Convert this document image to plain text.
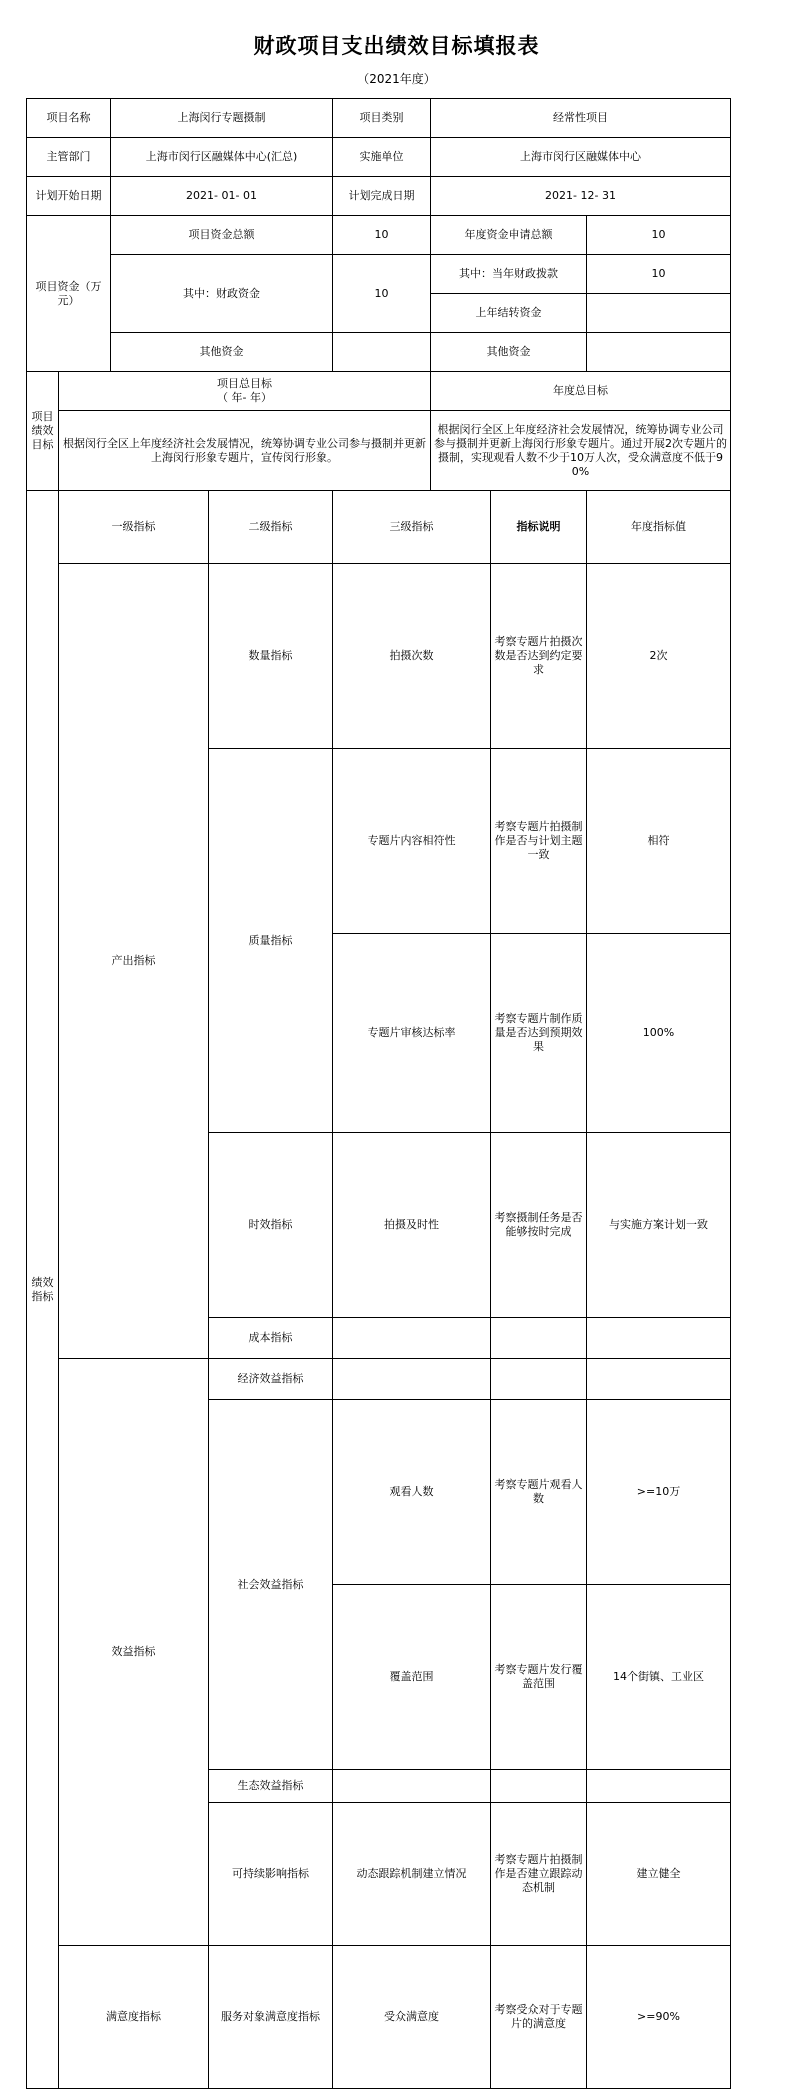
财政项目支出绩效目标填报表
（2021年度）
项目名称		上海闵行专题摄制		项目类别	经常性项目			
主管部门		上海市闵行区融媒体中心(汇总)		实施单位	上海市闵行区融媒体中心			
计划开始日期		2021- 01- 01		计划完成日期	2021- 12- 31			
项目资金（万元）		项目资金总额		10	年度资金申请总额		10	
		其中：财政资金		10	其中：当年财政拨款		10	
					上年结转资金			
		其他资金			其他资金			
项目绩效目标	项目总目标
（ 年- 年）				年度总目标			
	根据闵行全区上年度经济社会发展情况，统筹协调专业公司参与摄制并更新上海闵行形象专题片，宣传闵行形象。				根据闵行全区上年度经济社会发展情况，统筹协调专业公司参与摄制并更新上海闵行形象专题片。通过开展2次专题片的摄制，实现观看人数不少于10万人次，受众满意度不低于90%			
绩效指标	一级指标		二级指标	三级指标		指标说明	年度指标值	
	产出指标		数量指标	拍摄次数		考察专题片拍摄次数是否达到约定要求	2次	
			质量指标	专题片内容相符性		考察专题片拍摄制作是否与计划主题一致	相符	
				专题片审核达标率		考察专题片制作质量是否达到预期效果	100%	
			时效指标	拍摄及时性		考察摄制任务是否能够按时完成	与实施方案计划一致	
			成本指标					
	效益指标		经济效益指标					
			社会效益指标	观看人数		考察专题片观看人数	>=10万	
				覆盖范围		考察专题片发行覆盖范围	14个街镇、工业区	
			生态效益指标					
			可持续影响指标	动态跟踪机制建立情况		考察专题片拍摄制作是否建立跟踪动态机制	建立健全	
	满意度指标		服务对象满意度指标	受众满意度		考察受众对于专题片的满意度	>=90%	
